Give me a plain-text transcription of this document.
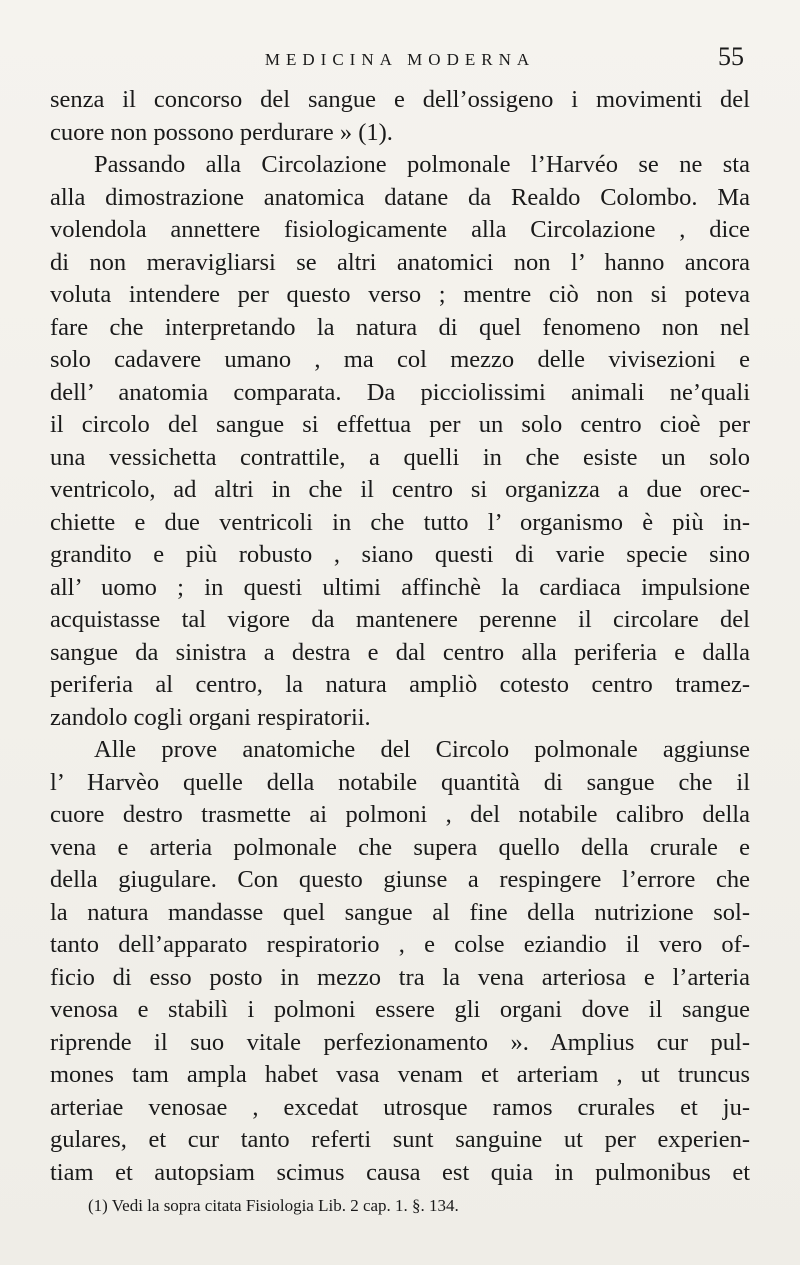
MEDICINA MODERNA	55
senza il concorso del sangue e dell’ossigeno i movimenti del
cuore non possono perdurare » (1).
Passando alla Circolazione polmonale l’Harvéo se ne sta
alla dimostrazione anatomica datane da Realdo Colombo. Ma
volendola annettere fisiologicamente alla Circolazione , dice
di non meravigliarsi se altri anatomici non l’ hanno ancora
voluta intendere per questo verso ; mentre ciò non si poteva
fare che interpretando la natura di quel fenomeno non nel
solo cadavere umano , ma col mezzo delle vivisezioni e
dell’ anatomia comparata. Da picciolissimi animali ne’quali
il circolo del sangue si effettua per un solo centro cioè per
una vessichetta contrattile, a quelli in che esiste un solo
ventricolo, ad altri in che il centro si organizza a due orec-
chiette e due ventricoli in che tutto l’ organismo è più in-
grandito e più robusto , siano questi di varie specie sino
all’ uomo ; in questi ultimi affinchè la cardiaca impulsione
acquistasse tal vigore da mantenere perenne il circolare del
sangue da sinistra a destra e dal centro alla periferia e dalla
periferia al centro, la natura ampliò cotesto centro tramez-
zandolo cogli organi respiratorii.
Alle prove anatomiche del Circolo polmonale aggiunse
l’ Harvèo quelle della notabile quantità di sangue che il
cuore destro trasmette ai polmoni , del notabile calibro della
vena e arteria polmonale che supera quello della crurale e
della giugulare. Con questo giunse a respingere l’errore che
la natura mandasse quel sangue al fine della nutrizione sol-
tanto dell’apparato respiratorio , e colse eziandio il vero of-
ficio di esso posto in mezzo tra la vena arteriosa e l’arteria
venosa e stabilì i polmoni essere gli organi dove il sangue
riprende il suo vitale perfezionamento ». Amplius cur pul-
mones tam ampla habet vasa venam et arteriam , ut truncus
arteriae venosae , excedat utrosque ramos crurales et ju-
gulares, et cur tanto referti sunt sanguine ut per experien-
tiam et autopsiam scimus causa est quia in pulmonibus et
(1) Vedi la sopra citata Fisiologia Lib. 2 cap. 1. §. 134.
